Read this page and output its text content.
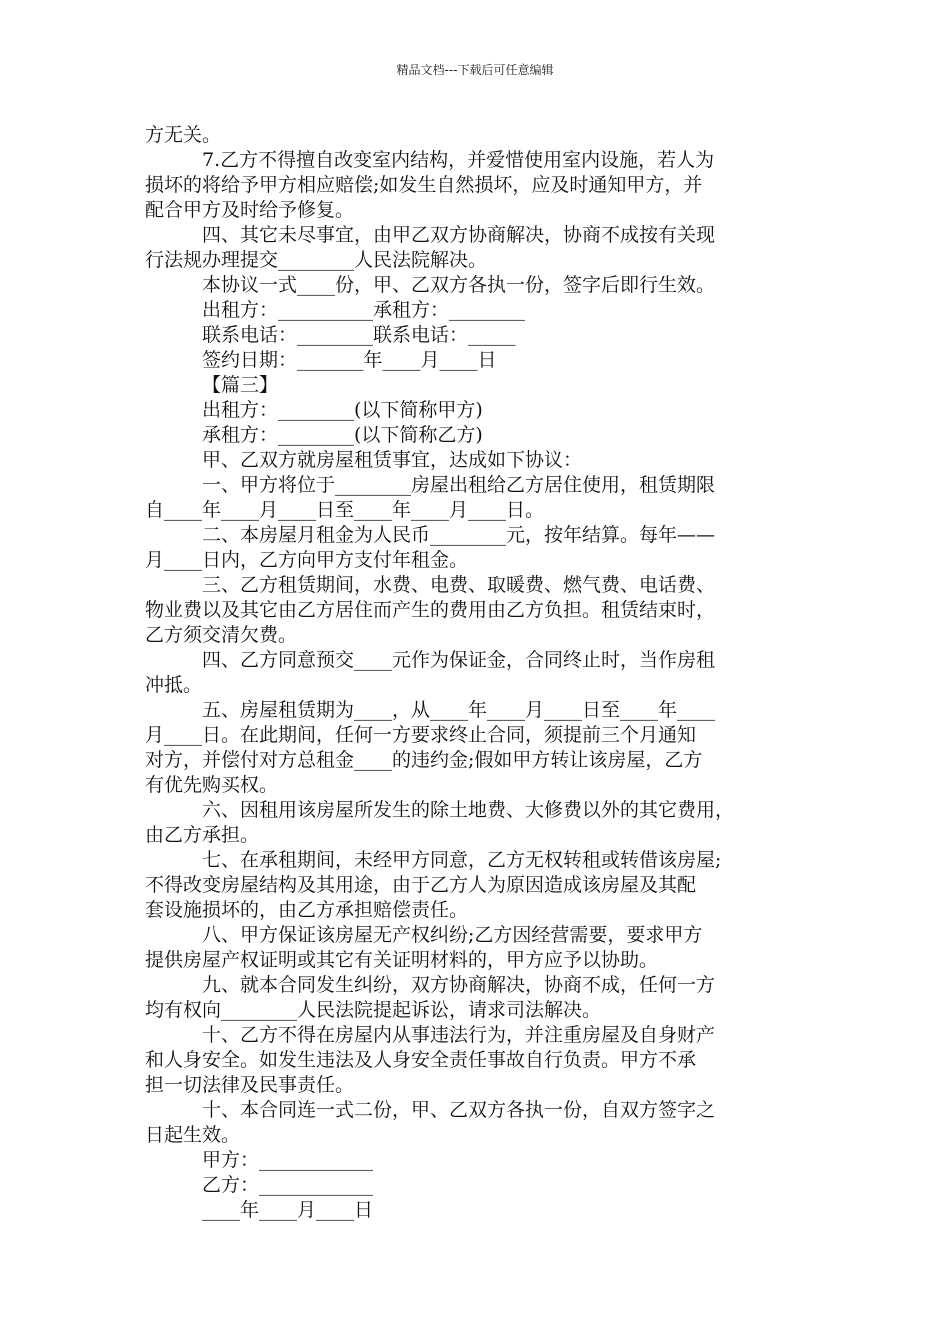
精品文档---下载后可任意编辑
方无关。
7.乙方不得擅自改变室内结构，并爱惜使用室内设施，若人为
损坏的将给予甲方相应赔偿;如发生自然损坏，应及时通知甲方，并
配合甲方及时给予修复。
四、其它未尽事宜，由甲乙双方协商解决，协商不成按有关现
行法规办理提交________人民法院解决。
本协议一式____份，甲、乙双方各执一份，签字后即行生效。
出租方：__________承租方：________
联系电话：________联系电话：_____
签约日期：_______年____月____日
【篇三】
出租方：________(以下简称甲方)
承租方：________(以下简称乙方)
甲、乙双方就房屋租赁事宜，达成如下协议：
一、甲方将位于________房屋出租给乙方居住使用，租赁期限
自____年____月____日至____年____月____日。
二、本房屋月租金为人民币________元，按年结算。每年——
月____日内，乙方向甲方支付年租金。
三、乙方租赁期间，水费、电费、取暖费、燃气费、电话费、
物业费以及其它由乙方居住而产生的费用由乙方负担。租赁结束时，
乙方须交清欠费。
四、乙方同意预交____元作为保证金，合同终止时，当作房租
冲抵。
五、房屋租赁期为____，从____年____月____日至____年____
月____日。在此期间，任何一方要求终止合同，须提前三个月通知
对方，并偿付对方总租金____的违约金;假如甲方转让该房屋，乙方
有优先购买权。
六、因租用该房屋所发生的除土地费、大修费以外的其它费用，
由乙方承担。
七、在承租期间，未经甲方同意，乙方无权转租或转借该房屋;
不得改变房屋结构及其用途，由于乙方人为原因造成该房屋及其配
套设施损坏的，由乙方承担赔偿责任。
八、甲方保证该房屋无产权纠纷;乙方因经营需要，要求甲方
提供房屋产权证明或其它有关证明材料的，甲方应予以协助。
九、就本合同发生纠纷，双方协商解决，协商不成，任何一方
均有权向________人民法院提起诉讼，请求司法解决。
十、乙方不得在房屋内从事违法行为，并注重房屋及自身财产
和人身安全。如发生违法及人身安全责任事故自行负责。甲方不承
担一切法律及民事责任。
十、本合同连一式二份，甲、乙双方各执一份，自双方签字之
日起生效。
甲方：____________
乙方：____________
____年____月____日
